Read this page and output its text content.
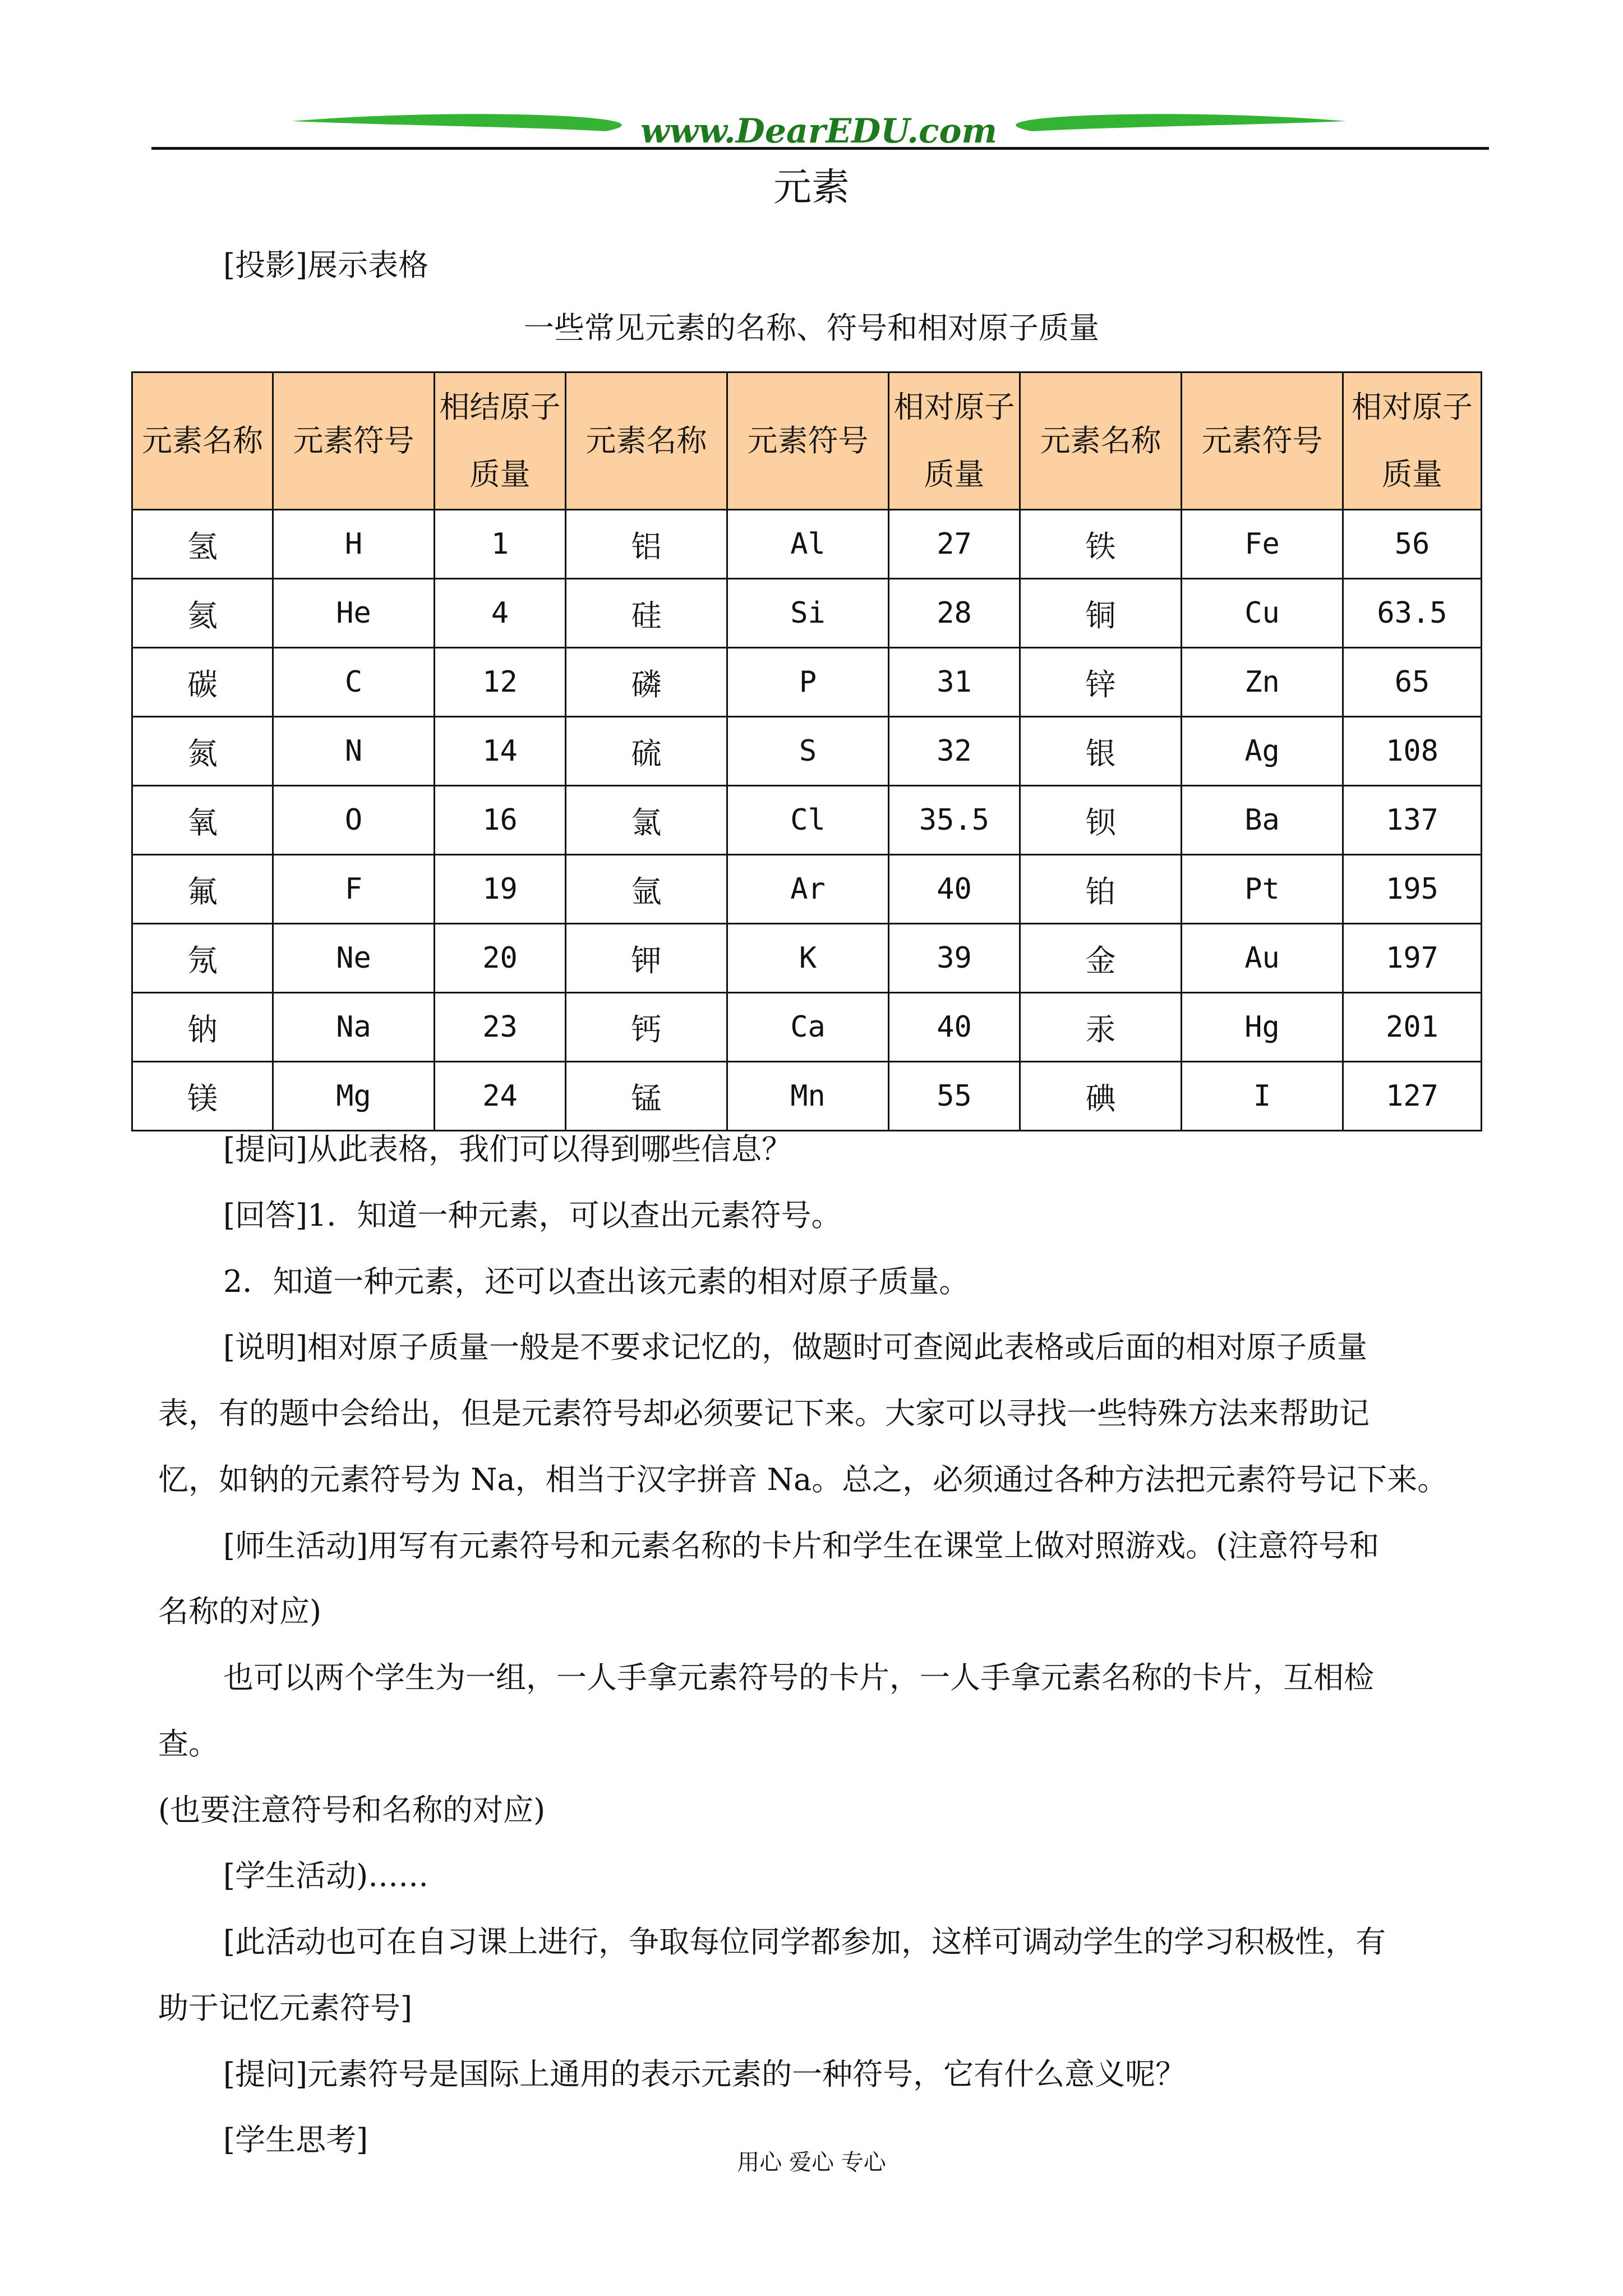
www.DearEDU.com
元素
[投影]展示表格
一些常见元素的名称、符号和相对原子质量
元素名称	元素符号	相结原子质量	元素名称	元素符号	相对原子质量	元素名称	元素符号	相对原子质量
氢	H	1	铝	Al	27	铁	Fe	56
氦	He	4	硅	Si	28	铜	Cu	63.5
碳	C	12	磷	P	31	锌	Zn	65
氮	N	14	硫	S	32	银	Ag	108
氧	O	16	氯	Cl	35.5	钡	Ba	137
氟	F	19	氩	Ar	40	铂	Pt	195
氖	Ne	20	钾	K	39	金	Au	197
钠	Na	23	钙	Ca	40	汞	Hg	201
镁	Mg	24	锰	Mn	55	碘	I	127
[提问]从此表格，我们可以得到哪些信息？
[回答]1．知道一种元素，可以查出元素符号。
2．知道一种元素，还可以查出该元素的相对原子质量。
[说明]相对原子质量一般是不要求记忆的，做题时可查阅此表格或后面的相对原子质量
表，有的题中会给出，但是元素符号却必须要记下来。大家可以寻找一些特殊方法来帮助记
忆，如钠的元素符号为 Na，相当于汉字拼音 Na。总之，必须通过各种方法把元素符号记下来。
[师生活动]用写有元素符号和元素名称的卡片和学生在课堂上做对照游戏。(注意符号和
名称的对应)
也可以两个学生为一组，一人手拿元素符号的卡片，一人手拿元素名称的卡片，互相检
查。
(也要注意符号和名称的对应)
[学生活动)……
[此活动也可在自习课上进行，争取每位同学都参加，这样可调动学生的学习积极性，有
助于记忆元素符号]
[提问]元素符号是国际上通用的表示元素的一种符号，它有什么意义呢？
[学生思考]
用心 爱心 专心
